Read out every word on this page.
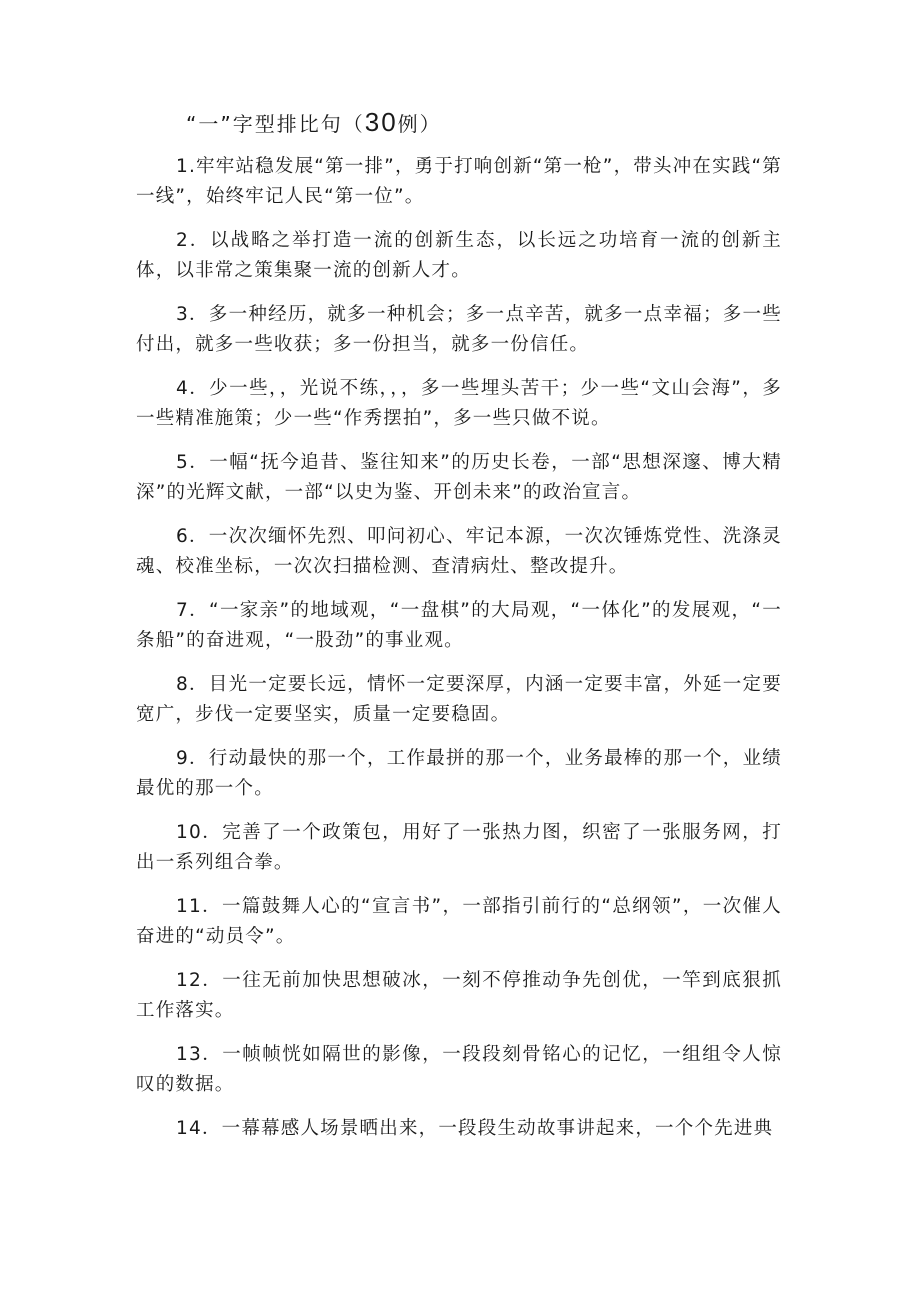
“一”字型排比句（30例）

1.牢牢站稳发展“第一排”，勇于打响创新“第一枪”，带头冲在实践“第一线”，始终牢记人民“第一位”。

2．以战略之举打造一流的创新生态，以长远之功培育一流的创新主体，以非常之策集聚一流的创新人才。

3．多一种经历，就多一种机会；多一点辛苦，就多一点幸福；多一些付出，就多一些收获；多一份担当，就多一份信任。

4．少一些，，光说不练，，，多一些埋头苦干；少一些“文山会海”，多一些精准施策；少一些“作秀摆拍”，多一些只做不说。

5．一幅“抚今追昔、鉴往知来”的历史长卷，一部“思想深邃、博大精深”的光辉文献，一部“以史为鉴、开创未来”的政治宣言。

6．一次次缅怀先烈、叩问初心、牢记本源，一次次锤炼党性、洗涤灵魂、校准坐标，一次次扫描检测、查清病灶、整改提升。

7．“一家亲”的地域观，“一盘棋”的大局观，“一体化”的发展观，“一条船”的奋进观，“一股劲”的事业观。

8．目光一定要长远，情怀一定要深厚，内涵一定要丰富，外延一定要宽广，步伐一定要坚实，质量一定要稳固。

9．行动最快的那一个，工作最拼的那一个，业务最棒的那一个，业绩最优的那一个。

10．完善了一个政策包，用好了一张热力图，织密了一张服务网，打出一系列组合拳。

11．一篇鼓舞人心的“宣言书”，一部指引前行的“总纲领”，一次催人奋进的“动员令”。

12．一往无前加快思想破冰，一刻不停推动争先创优，一竿到底狠抓工作落实。

13．一帧帧恍如隔世的影像，一段段刻骨铭心的记忆，一组组令人惊叹的数据。

14．一幕幕感人场景晒出来，一段段生动故事讲起来，一个个先进典
